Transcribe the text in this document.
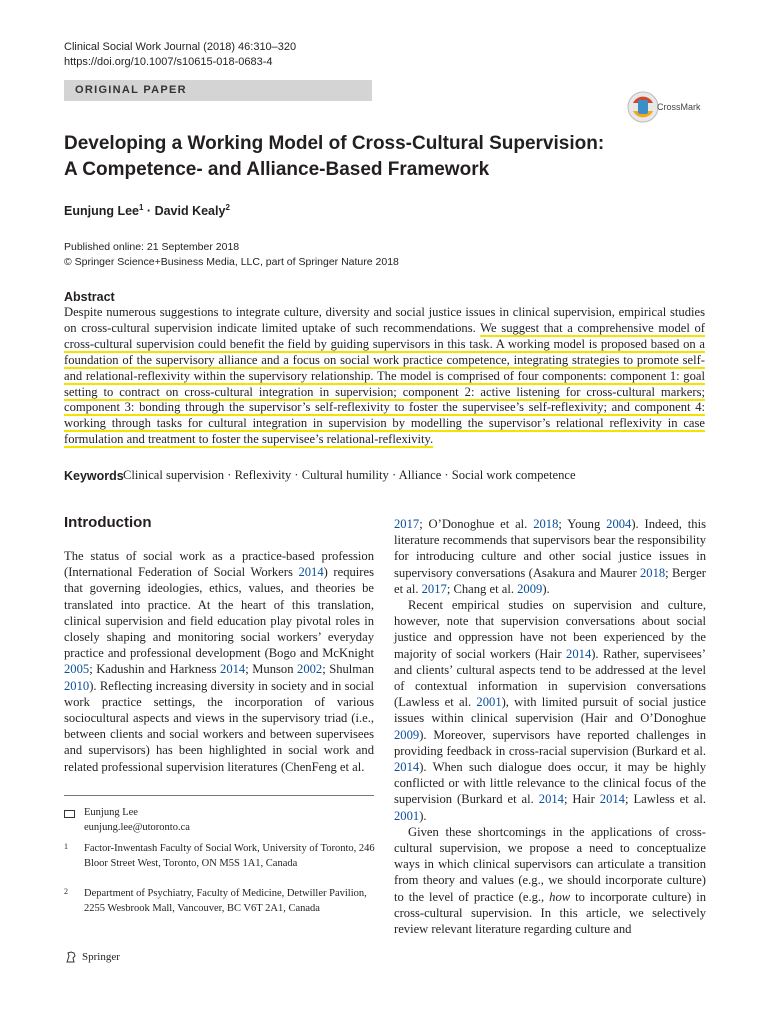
Clinical Social Work Journal (2018) 46:310–320
https://doi.org/10.1007/s10615-018-0683-4
ORIGINAL PAPER
CrossMark
Developing a Working Model of Cross-Cultural Supervision:
A Competence- and Alliance-Based Framework
Eunjung Lee$^1$ · David Kealy$^2$
Published online: 21 September 2018
© Springer Science+Business Media, LLC, part of Springer Nature 2018
Abstract
Despite numerous suggestions to integrate culture, diversity and social justice issues in clinical supervision, empirical studies on cross-cultural supervision indicate limited uptake of such recommendations. We suggest that a comprehensive model of cross-cultural supervision could benefit the field by guiding supervisors in this task. A working model is proposed based on a foundation of the supervisory alliance and a focus on social work practice competence, integrating strategies to promote self- and relational-reflexivity within the supervisory relationship. The model is comprised of four components: component 1: goal setting to contract on cross-cultural integration in supervision; component 2: active listening for cross-cultural markers; component 3: bonding through the supervisor’s self-reflexivity to foster the supervisee’s self-reflexivity; and component 4: working through tasks for cultural integration in supervision by modelling the supervisor’s relational reflexivity in case formulation and treatment to foster the supervisee’s relational-reflexivity.
Keywords Clinical supervision · Reflexivity · Cultural humility · Alliance · Social work competence
Introduction

The status of social work as a practice-based profession (International Federation of Social Workers 2014) requires that governing ideologies, ethics, values, and theories be translated into practice. At the heart of this translation, clinical supervision and field education play pivotal roles in closely shaping and monitoring social workers’ everyday practice and professional development (Bogo and McKnight 2005; Kadushin and Harkness 2014; Munson 2002; Shulman 2010). Reflecting increasing diversity in society and in social work practice settings, the incorporation of various sociocultural aspects and views in the supervisory triad (i.e., between clients and social workers and between supervisees and supervisors) has been highlighted in social work and related professional supervision literatures (ChenFeng et al.

2017; O’Donoghue et al. 2018; Young 2004). Indeed, this literature recommends that supervisors bear the responsibility for introducing culture and other social justice issues in supervisory conversations (Asakura and Maurer 2018; Berger et al. 2017; Chang et al. 2009).

Recent empirical studies on supervision and culture, however, note that supervision conversations about social justice and oppression have not been experienced by the majority of social workers (Hair 2014). Rather, supervisees’ and clients’ cultural aspects tend to be addressed at the level of contextual information in supervision conversations (Lawless et al. 2001), with limited pursuit of social justice issues within clinical supervision (Hair and O’Donoghue 2009). Moreover, supervisors have reported challenges in providing feedback in cross-racial supervision (Burkard et al. 2014). When such dialogue does occur, it may be highly conflicted or with little relevance to the clinical focus of the supervision (Burkard et al. 2014; Hair 2014; Lawless et al. 2001).

Given these shortcomings in the applications of cross-cultural supervision, we propose a need to conceptualize ways in which clinical supervisors can articulate a transition from theory and values (e.g., we should incorporate culture) to the level of practice (e.g., how to incorporate culture) in cross-cultural supervision. In this article, we selectively review relevant literature regarding culture and

Eunjung Lee
eunjung.lee@utoronto.ca
1 Factor-Inwentash Faculty of Social Work, University of Toronto, 246 Bloor Street West, Toronto, ON M5S 1A1, Canada
2 Department of Psychiatry, Faculty of Medicine, Detwiller Pavilion, 2255 Wesbrook Mall, Vancouver, BC V6T 2A1, Canada
Springer
